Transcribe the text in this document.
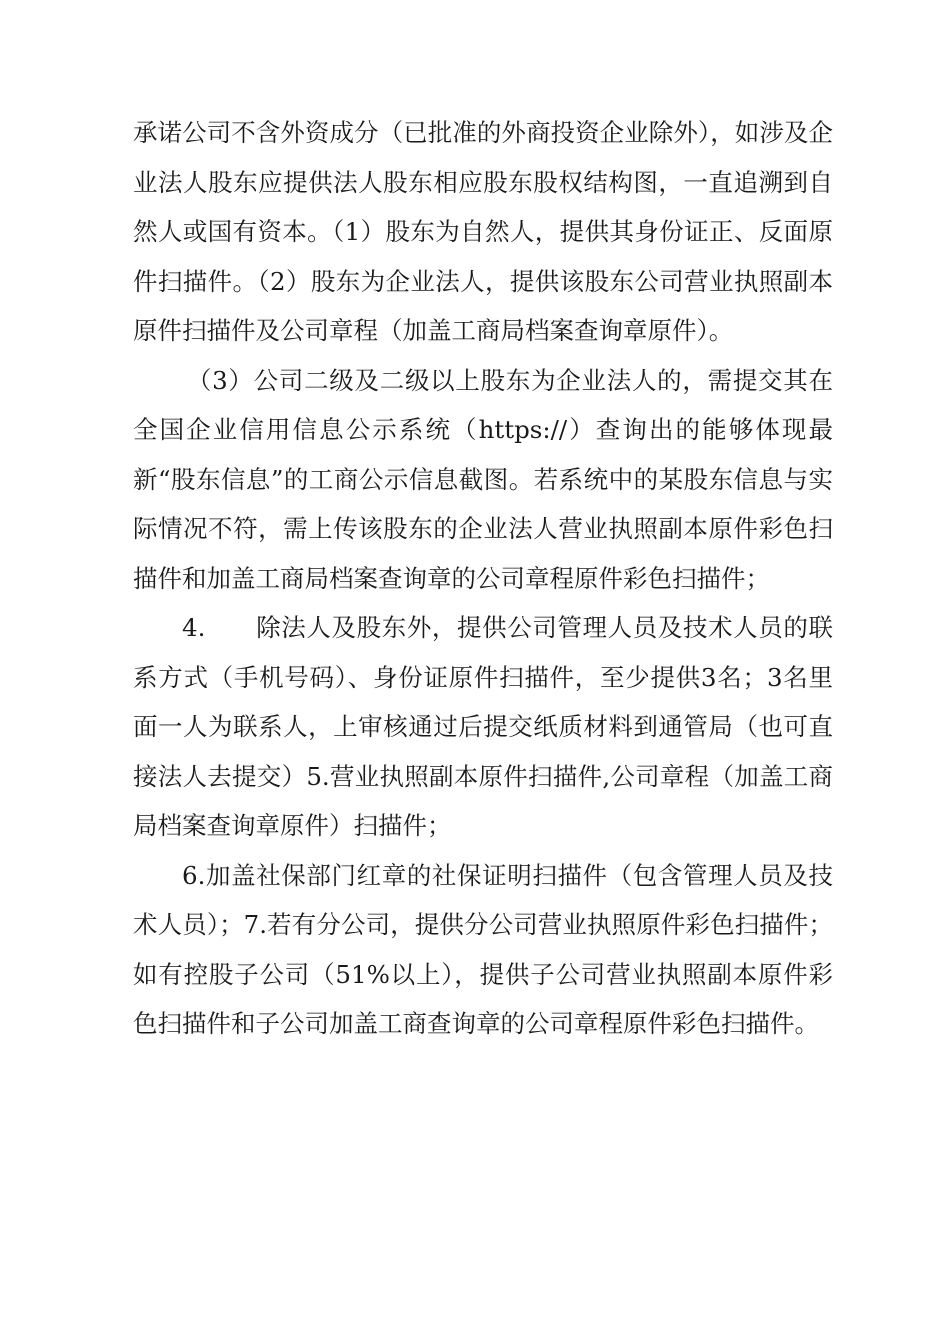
承诺公司不含外资成分（已批准的外商投资企业除外），如涉及企业法人股东应提供法人股东相应股东股权结构图，一直追溯到自然人或国有资本。（1）股东为自然人，提供其身份证正、反面原件扫描件。（2）股东为企业法人，提供该股东公司营业执照副本原件扫描件及公司章程（加盖工商局档案查询章原件）。

（3）公司二级及二级以上股东为企业法人的，需提交其在全国企业信用信息公示系统（https://）查询出的能够体现最新“股东信息”的工商公示信息截图。若系统中的某股东信息与实际情况不符，需上传该股东的企业法人营业执照副本原件彩色扫描件和加盖工商局档案查询章的公司章程原件彩色扫描件；

4.　　除法人及股东外，提供公司管理人员及技术人员的联系方式（手机号码）、身份证原件扫描件，至少提供3名；3名里面一人为联系人，上审核通过后提交纸质材料到通管局（也可直接法人去提交）5.营业执照副本原件扫描件,公司章程（加盖工商局档案查询章原件）扫描件；

6.加盖社保部门红章的社保证明扫描件（包含管理人员及技术人员）；7.若有分公司，提供分公司营业执照原件彩色扫描件；如有控股子公司（51%以上），提供子公司营业执照副本原件彩色扫描件和子公司加盖工商查询章的公司章程原件彩色扫描件。
